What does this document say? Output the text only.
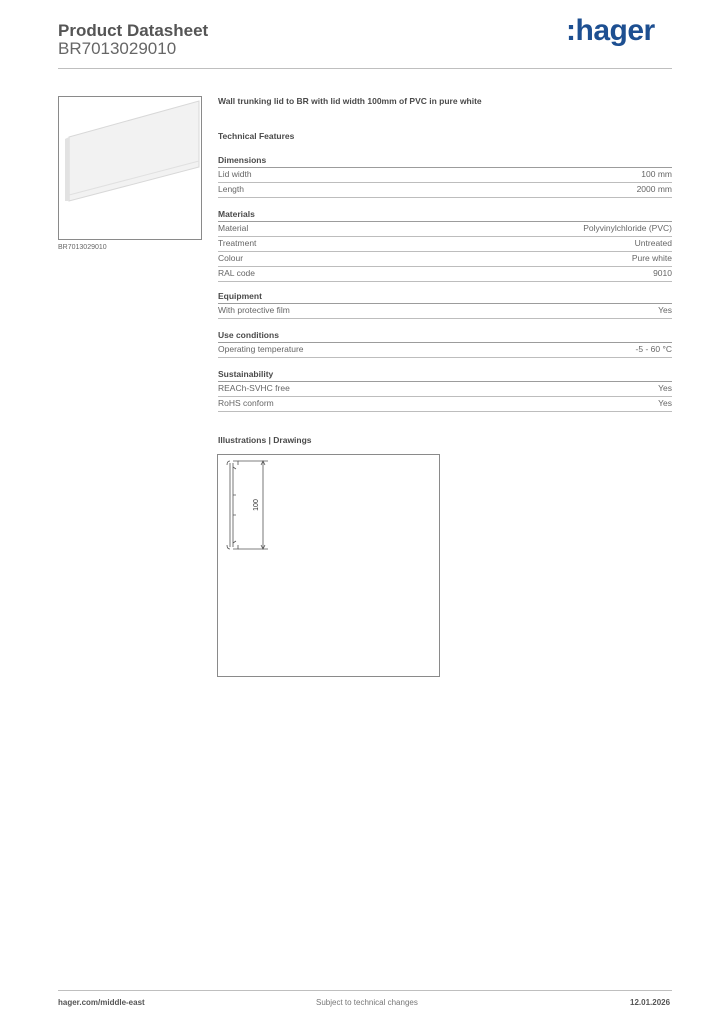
Product Datasheet
BR7013029010
:hager
BR7013029010
Wall trunking lid to BR with lid width 100mm of PVC in pure white
Technical Features
Dimensions
Lid width	100 mm
Length	2000 mm
Materials
Material	Polyvinylchloride (PVC)
Treatment	Untreated
Colour	Pure white
RAL code	9010
Equipment
With protective film	Yes
Use conditions
Operating temperature	-5 - 60 °C
Sustainability
REACh-SVHC free	Yes
RoHS conform	Yes
Illustrations | Drawings
100
hager.com/middle-east	Subject to technical changes	12.01.2026
